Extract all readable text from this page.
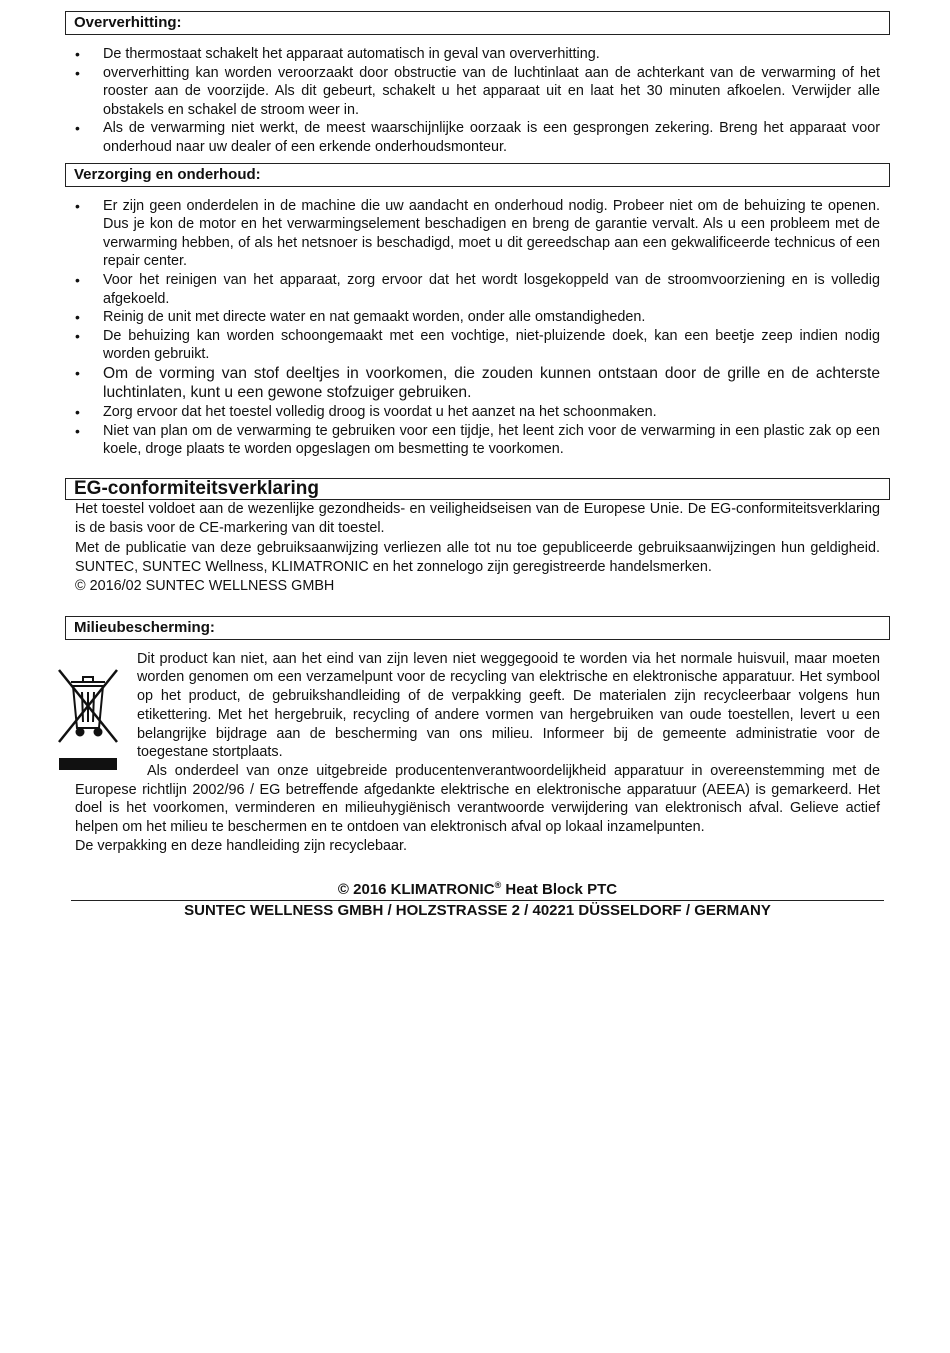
Oververhitting:
• De thermostaat schakelt het apparaat automatisch in geval van oververhitting.
• oververhitting kan worden veroorzaakt door obstructie van de luchtinlaat aan de achterkant van de verwarming of het rooster aan de voorzijde. Als dit gebeurt, schakelt u het apparaat uit en laat het 30 minuten afkoelen. Verwijder alle obstakels en schakel de stroom weer in.
• Als de verwarming niet werkt, de meest waarschijnlijke oorzaak is een gesprongen zekering. Breng het apparaat voor onderhoud naar uw dealer of een erkende onderhoudsmonteur.
Verzorging en onderhoud:
• Er zijn geen onderdelen in de machine die uw aandacht en onderhoud nodig. Probeer niet om de behuizing te openen. Dus je kon de motor en het verwarmingselement beschadigen en breng de garantie vervalt. Als u een probleem met de verwarming hebben, of als het netsnoer is beschadigd, moet u dit gereedschap aan een gekwalificeerde technicus of een repair center.
• Voor het reinigen van het apparaat, zorg ervoor dat het wordt losgekoppeld van de stroomvoorziening en is volledig afgekoeld.
• Reinig de unit met directe water en nat gemaakt worden, onder alle omstandigheden.
• De behuizing kan worden schoongemaakt met een vochtige, niet-pluizende doek, kan een beetje zeep indien nodig worden gebruikt.
• Om de vorming van stof deeltjes in voorkomen, die zouden kunnen ontstaan door de grille en de achterste luchtinlaten, kunt u een gewone stofzuiger gebruiken.
• Zorg ervoor dat het toestel volledig droog is voordat u het aanzet na het schoonmaken.
• Niet van plan om de verwarming te gebruiken voor een tijdje, het leent zich voor de verwarming in een plastic zak op een koele, droge plaats te worden opgeslagen om besmetting te voorkomen.
EG-conformiteitsverklaring
Het toestel voldoet aan de wezenlijke gezondheids- en veiligheidseisen van de Europese Unie. De EG-conformiteitsverklaring is de basis voor de CE-markering van dit toestel.
Met de publicatie van deze gebruiksaanwijzing verliezen alle tot nu toe gepubliceerde gebruiksaanwijzingen hun geldigheid. SUNTEC, SUNTEC Wellness, KLIMATRONIC en het zonnelogo zijn geregistreerde handelsmerken.
© 2016/02 SUNTEC WELLNESS GMBH
Milieubescherming:
Dit product kan niet, aan het eind van zijn leven niet weggegooid te worden via het normale huisvuil, maar moeten worden genomen om een verzamelpunt voor de recycling van elektrische en elektronische apparatuur. Het symbool op het product, de gebruikshandleiding of de verpakking geeft. De materialen zijn recycleerbaar volgens hun etikettering. Met het hergebruik, recycling of andere vormen van hergebruiken van oude toestellen, levert u een belangrijke bijdrage aan de bescherming van ons milieu. Informeer bij de gemeente administratie voor de toegestane stortplaats.
Als onderdeel van onze uitgebreide producentenverantwoordelijkheid apparatuur in overeenstemming met de Europese richtlijn 2002/96 / EG betreffende afgedankte elektrische en elektronische apparatuur (AEEA) is gemarkeerd. Het doel is het voorkomen, verminderen en milieuhygiënisch verantwoorde verwijdering van elektronisch afval. Gelieve actief helpen om het milieu te beschermen en te ontdoen van elektronisch afval op lokaal inzamelpunten.
De verpakking en deze handleiding zijn recyclebaar.
© 2016 KLIMATRONIC® Heat Block PTC
SUNTEC WELLNESS GMBH / HOLZSTRASSE 2 / 40221 DÜSSELDORF / GERMANY
